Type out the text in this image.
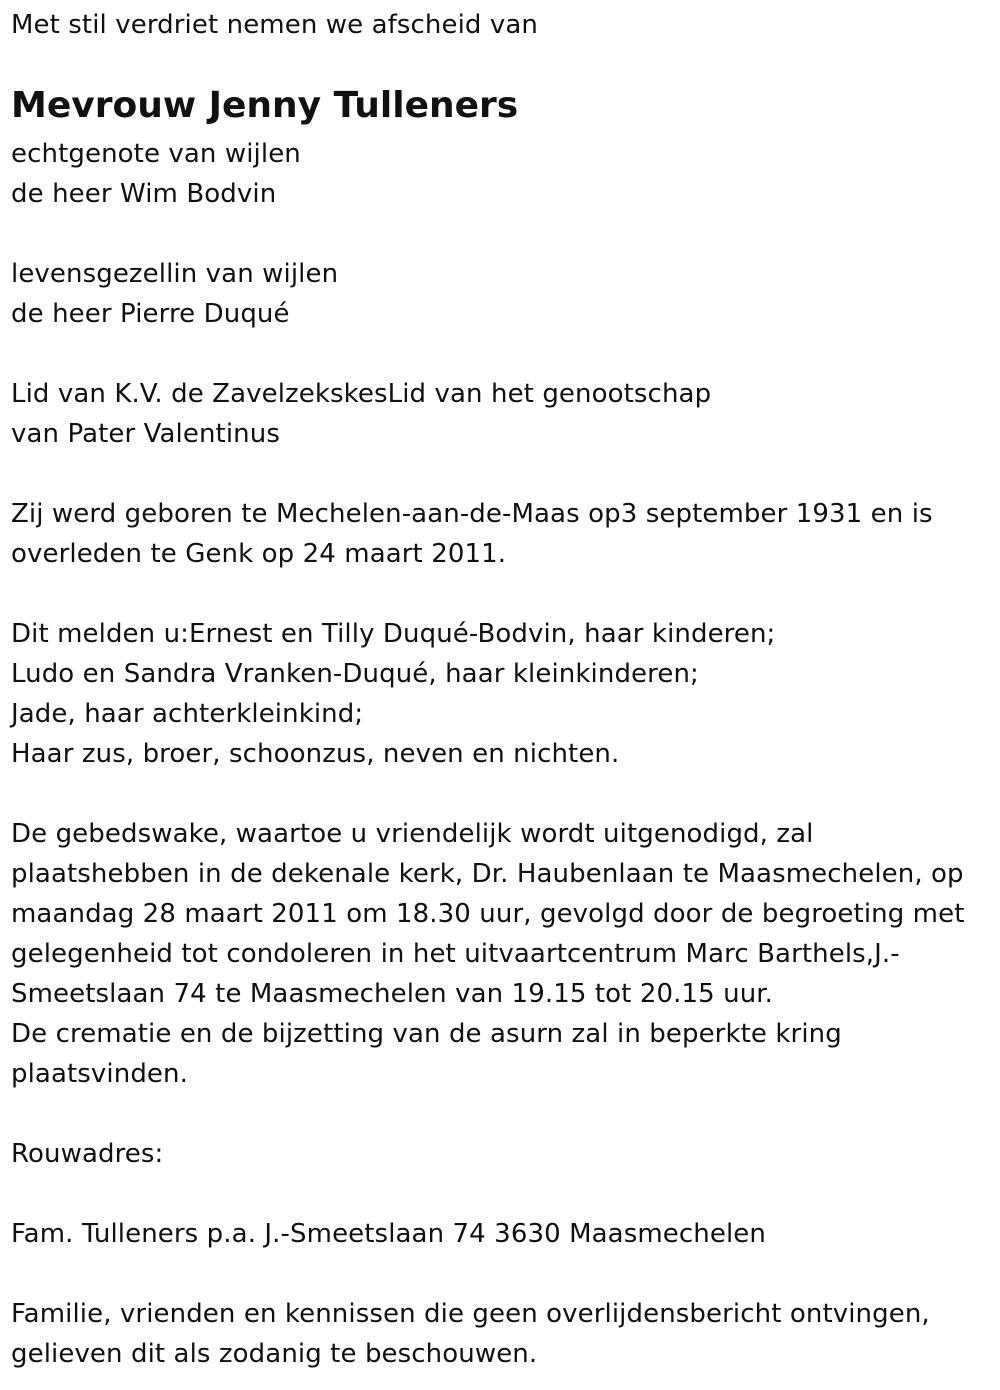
Met stil verdriet nemen we afscheid van
Mevrouw Jenny Tulleners
echtgenote van wijlen
de heer Wim Bodvin
levensgezellin van wijlen
de heer Pierre Duqué
Lid van K.V. de ZavelzekskesLid van het genootschap
van Pater Valentinus
Zij werd geboren te Mechelen-aan-de-Maas op3 september 1931 en is
overleden te Genk op 24 maart 2011.
Dit melden u:Ernest en Tilly Duqué-Bodvin, haar kinderen;
Ludo en Sandra Vranken-Duqué, haar kleinkinderen;
Jade, haar achterkleinkind;
Haar zus, broer, schoonzus, neven en nichten.
De gebedswake, waartoe u vriendelijk wordt uitgenodigd, zal
plaatshebben in de dekenale kerk, Dr. Haubenlaan te Maasmechelen, op
maandag 28 maart 2011 om 18.30 uur, gevolgd door de begroeting met
gelegenheid tot condoleren in het uitvaartcentrum Marc Barthels,J.-
Smeetslaan 74 te Maasmechelen van 19.15 tot 20.15 uur.
De crematie en de bijzetting van de asurn zal in beperkte kring
plaatsvinden.
Rouwadres:
Fam. Tulleners p.a. J.-Smeetslaan 74 3630 Maasmechelen
Familie, vrienden en kennissen die geen overlijdensbericht ontvingen,
gelieven dit als zodanig te beschouwen.
